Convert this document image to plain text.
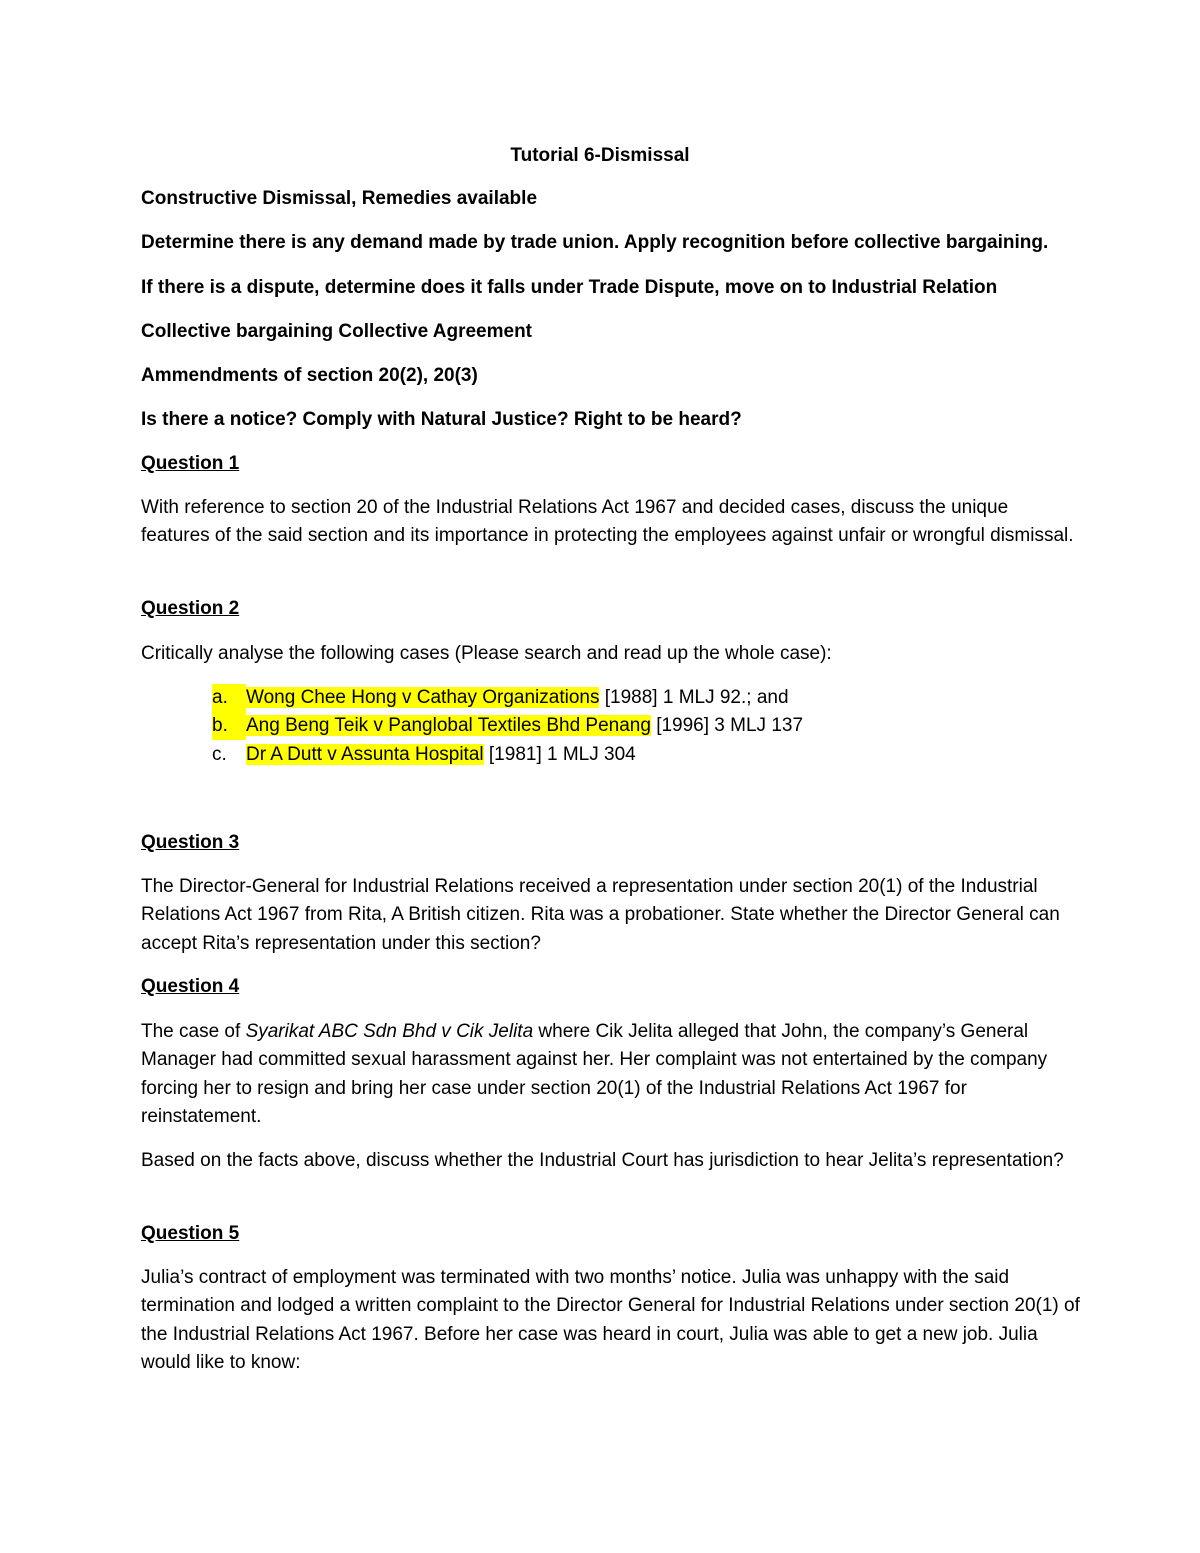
Tutorial 6-Dismissal
Constructive Dismissal, Remedies available
Determine there is any demand made by trade union. Apply recognition before collective bargaining.
If there is a dispute, determine does it falls under Trade Dispute, move on to Industrial Relation
Collective bargaining Collective Agreement
Ammendments of section 20(2), 20(3)
Is there a notice? Comply with Natural Justice? Right to be heard?
Question 1
With reference to section 20 of the Industrial Relations Act 1967 and decided cases, discuss the unique features of the said section and its importance in protecting the employees against unfair or wrongful dismissal.
Question 2
Critically analyse the following cases (Please search and read up the whole case):
a. Wong Chee Hong v Cathay Organizations [1988] 1 MLJ 92.; and
b. Ang Beng Teik v Panglobal Textiles Bhd Penang [1996] 3 MLJ 137
c. Dr A Dutt v Assunta Hospital [1981] 1 MLJ 304
Question 3
The Director-General for Industrial Relations received a representation under section 20(1) of the Industrial Relations Act 1967 from Rita, A British citizen. Rita was a probationer. State whether the Director General can accept Rita’s representation under this section?
Question 4
The case of Syarikat ABC Sdn Bhd v Cik Jelita where Cik Jelita alleged that John, the company’s General Manager had committed sexual harassment against her. Her complaint was not entertained by the company forcing her to resign and bring her case under section 20(1) of the Industrial Relations Act 1967 for reinstatement.
Based on the facts above, discuss whether the Industrial Court has jurisdiction to hear Jelita’s representation?
Question 5
Julia’s contract of employment was terminated with two months’ notice. Julia was unhappy with the said termination and lodged a written complaint to the Director General for Industrial Relations under section 20(1) of the Industrial Relations Act 1967. Before her case was heard in court, Julia was able to get a new job. Julia would like to know:
